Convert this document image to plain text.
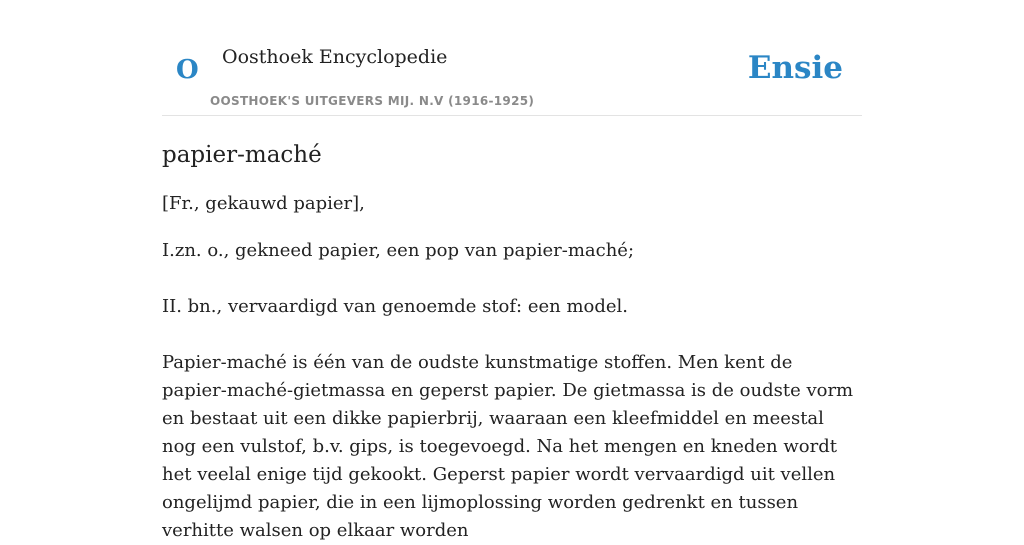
O Oosthoek Encyclopedie
OOSTHOEK'S UITGEVERS MIJ. N.V (1916-1925)
Ensie
papier-maché

[Fr., gekauwd papier],

I.zn. o., gekneed papier, een pop van papier-maché;

II. bn., vervaardigd van genoemde stof: een model.

Papier-maché is één van de oudste kunstmatige stoffen. Men kent de papier-maché-gietmassa en geperst papier. De gietmassa is de oudste vorm en bestaat uit een dikke papierbrij, waaraan een kleefmiddel en meestal nog een vulstof, b.v. gips, is toegevoegd. Na het mengen en kneden wordt het veelal enige tijd gekookt. Geperst papier wordt vervaardigd uit vellen ongelijmd papier, die in een lijmoplossing worden gedrenkt en tussen verhitte walsen op elkaar worden
